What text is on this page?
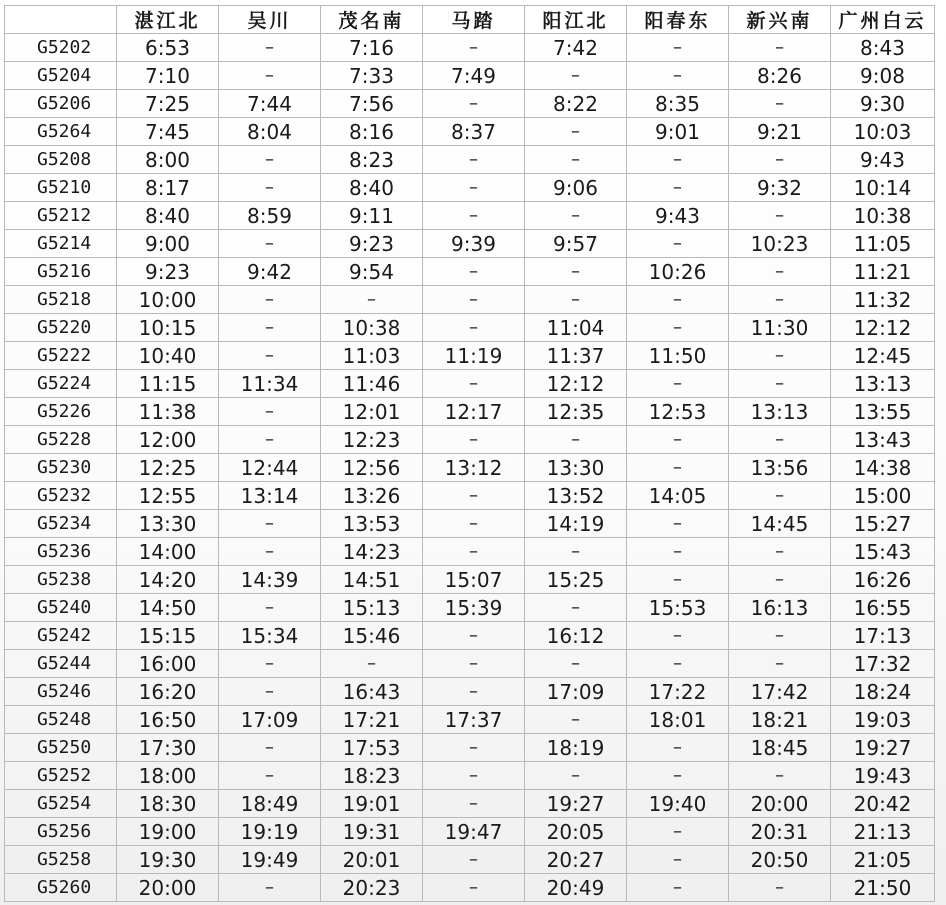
	湛江北	吴川	茂名南	马踏	阳江北	阳春东	新兴南	广州白云
G5202	6:53	–	7:16	–	7:42	–	–	8:43
G5204	7:10	–	7:33	7:49	–	–	8:26	9:08
G5206	7:25	7:44	7:56	–	8:22	8:35	–	9:30
G5264	7:45	8:04	8:16	8:37	–	9:01	9:21	10:03
G5208	8:00	–	8:23	–	–	–	–	9:43
G5210	8:17	–	8:40	–	9:06	–	9:32	10:14
G5212	8:40	8:59	9:11	–	–	9:43	–	10:38
G5214	9:00	–	9:23	9:39	9:57	–	10:23	11:05
G5216	9:23	9:42	9:54	–	–	10:26	–	11:21
G5218	10:00	–	–	–	–	–	–	11:32
G5220	10:15	–	10:38	–	11:04	–	11:30	12:12
G5222	10:40	–	11:03	11:19	11:37	11:50	–	12:45
G5224	11:15	11:34	11:46	–	12:12	–	–	13:13
G5226	11:38	–	12:01	12:17	12:35	12:53	13:13	13:55
G5228	12:00	–	12:23	–	–	–	–	13:43
G5230	12:25	12:44	12:56	13:12	13:30	–	13:56	14:38
G5232	12:55	13:14	13:26	–	13:52	14:05	–	15:00
G5234	13:30	–	13:53	–	14:19	–	14:45	15:27
G5236	14:00	–	14:23	–	–	–	–	15:43
G5238	14:20	14:39	14:51	15:07	15:25	–	–	16:26
G5240	14:50	–	15:13	15:39	–	15:53	16:13	16:55
G5242	15:15	15:34	15:46	–	16:12	–	–	17:13
G5244	16:00	–	–	–	–	–	–	17:32
G5246	16:20	–	16:43	–	17:09	17:22	17:42	18:24
G5248	16:50	17:09	17:21	17:37	–	18:01	18:21	19:03
G5250	17:30	–	17:53	–	18:19	–	18:45	19:27
G5252	18:00	–	18:23	–	–	–	–	19:43
G5254	18:30	18:49	19:01	–	19:27	19:40	20:00	20:42
G5256	19:00	19:19	19:31	19:47	20:05	–	20:31	21:13
G5258	19:30	19:49	20:01	–	20:27	–	20:50	21:05
G5260	20:00	–	20:23	–	20:49	–	–	21:50
